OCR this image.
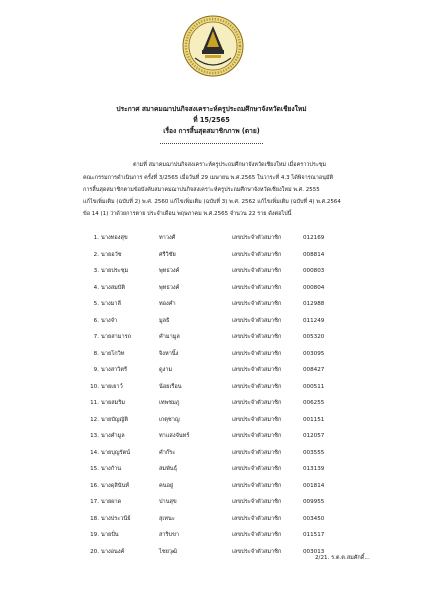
ประกาศ สมาคมฌาปนกิจสงเคราะห์ครูประถมศึกษาจังหวัดเชียงใหม่
ที่ 15/2565
เรื่อง การสิ้นสุดสมาชิกภาพ (ตาย)
ตามที่ สมาคมฌาปนกิจสงเคราะห์ครูประถมศึกษาจังหวัดเชียงใหม่ เมื่อคราวประชุม
คณะกรรมการดำเนินการ ครั้งที่ 3/2565 เมื่อวันที่ 29 เมษายน พ.ศ.2565 ในวาระที่ 4.3 ได้พิจารณาอนุมัติ
การสิ้นสุดสมาชิกตามข้อบังคับสมาคมฌาปนกิจสงเคราะห์ครูประถมศึกษาจังหวัดเชียงใหม่ พ.ศ. 2555
แก้ไขเพิ่มเติม (ฉบับที่ 2) พ.ศ. 2560 แก้ไขเพิ่มเติม (ฉบับที่ 3) พ.ศ. 2562 แก้ไขเพิ่มเติม (ฉบับที่ 4) พ.ศ.2564
ข้อ 14 (1) ว่าด้วยการตาย ประจำเดือน พฤษภาคม พ.ศ.2565 จำนวน 22 ราย ดังต่อไปนี้
1. นางทองสุข	ทาวงศ์	เลขประจำตัวสมาชิก	012169
2. นายอวัช	ศรีวิชัย	เลขประจำตัวสมาชิก	008814
3. นายประชุม	พุทธวงค์	เลขประจำตัวสมาชิก	000803
4. นางสมบัติ	พุทธวงค์	เลขประจำตัวสมาชิก	000804
5. นางมาลี	ทองคำ	เลขประจำตัวสมาชิก	012988
6. นางจำ	มูลธิ	เลขประจำตัวสมาชิก	011249
7. นายสามารถ	คำมามูล	เลขประจำตัวสมาชิก	005320
8. นายโกวิท	จิงหานิ้ง	เลขประจำตัวสมาชิก	003095
9. นางสาวิตรี	ดูงาม	เลขประจำตัวสมาชิก	008427
10. นายเยาว์	น้อยเรือน	เลขประจำตัวสมาชิก	000511
11. นายสมริม	เทพชมภู	เลขประจำตัวสมาชิก	006255
12. นายบัญญัติ	เกตุชาญ	เลขประจำตัวสมาชิก	001151
13. นางคำมูล	ทาแสงจันทร์	เลขประจำตัวสมาชิก	012057
14. นายบุญรัตน์	คำก๊ระ	เลขประจำตัวสมาชิก	003555
15. นางกัาน	สมพันธุ์	เลขประจำตัวสมาชิก	013139
16. นางดุสินันท์	คนอยู่	เลขประจำตัวสมาชิก	001814
17. นายผาด	ปานสุข	เลขประจำตัวสมาชิก	009955
18. นางประวนีย์	สุเทนะ	เลขประจำตัวสมาชิก	003450
19. นายปั่น	สาริบขา	เลขประจำตัวสมาชิก	011517
20. นางอนงค์	ไชยวุฒิ	เลขประจำตัวสมาชิก	003013
2/21. ร.ต.ต.สมศักดิ์...
